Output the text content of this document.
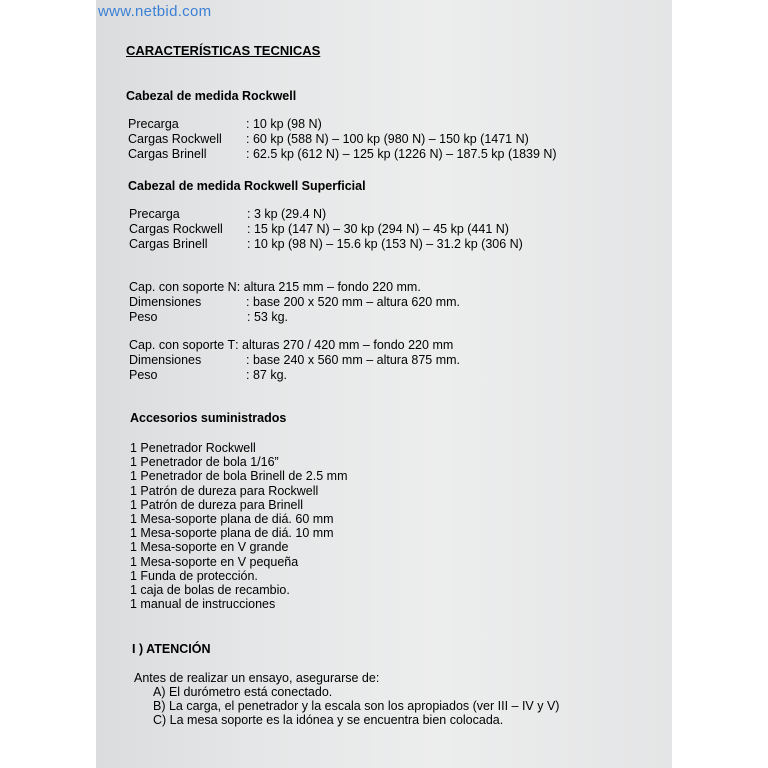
www.netbid.com
CARACTERÍSTICAS TECNICAS
Cabezal de medida Rockwell
Precarga	: 10 kp (98 N)
Cargas Rockwell	: 60 kp (588 N) – 100 kp (980 N) – 150 kp (1471 N)
Cargas Brinell	: 62.5 kp (612 N) – 125 kp (1226 N) – 187.5 kp (1839 N)
Cabezal de medida Rockwell Superficial
Precarga	: 3 kp (29.4 N)
Cargas Rockwell	: 15 kp (147 N) – 30 kp (294 N) – 45 kp (441 N)
Cargas Brinell	: 10 kp (98 N) – 15.6 kp (153 N) – 31.2 kp (306 N)
Cap. con soporte N : altura 215 mm – fondo 220 mm.
Dimensiones	: base 200 x 520 mm – altura 620 mm.
Peso	: 53 kg.
Cap. con soporte T : alturas 270 / 420 mm – fondo 220 mm
Dimensiones	: base 240 x 560 mm – altura 875 mm.
Peso	: 87 kg.
Accesorios suministrados
1 Penetrador Rockwell
1 Penetrador de bola 1/16”
1 Penetrador de bola Brinell de 2.5 mm
1 Patrón de dureza para Rockwell
1 Patrón de dureza para Brinell
1 Mesa-soporte plana de diá. 60 mm
1 Mesa-soporte plana de diá. 10 mm
1 Mesa-soporte en V grande
1 Mesa-soporte en V pequeña
1 Funda de protección.
1 caja de bolas de recambio.
1 manual de instrucciones
I ) ATENCIÓN
Antes de realizar un ensayo, asegurarse de:
A) El durómetro está conectado.
B) La carga, el penetrador y la escala son los apropiados (ver III – IV y V)
C) La mesa soporte es la idónea y se encuentra bien colocada.
